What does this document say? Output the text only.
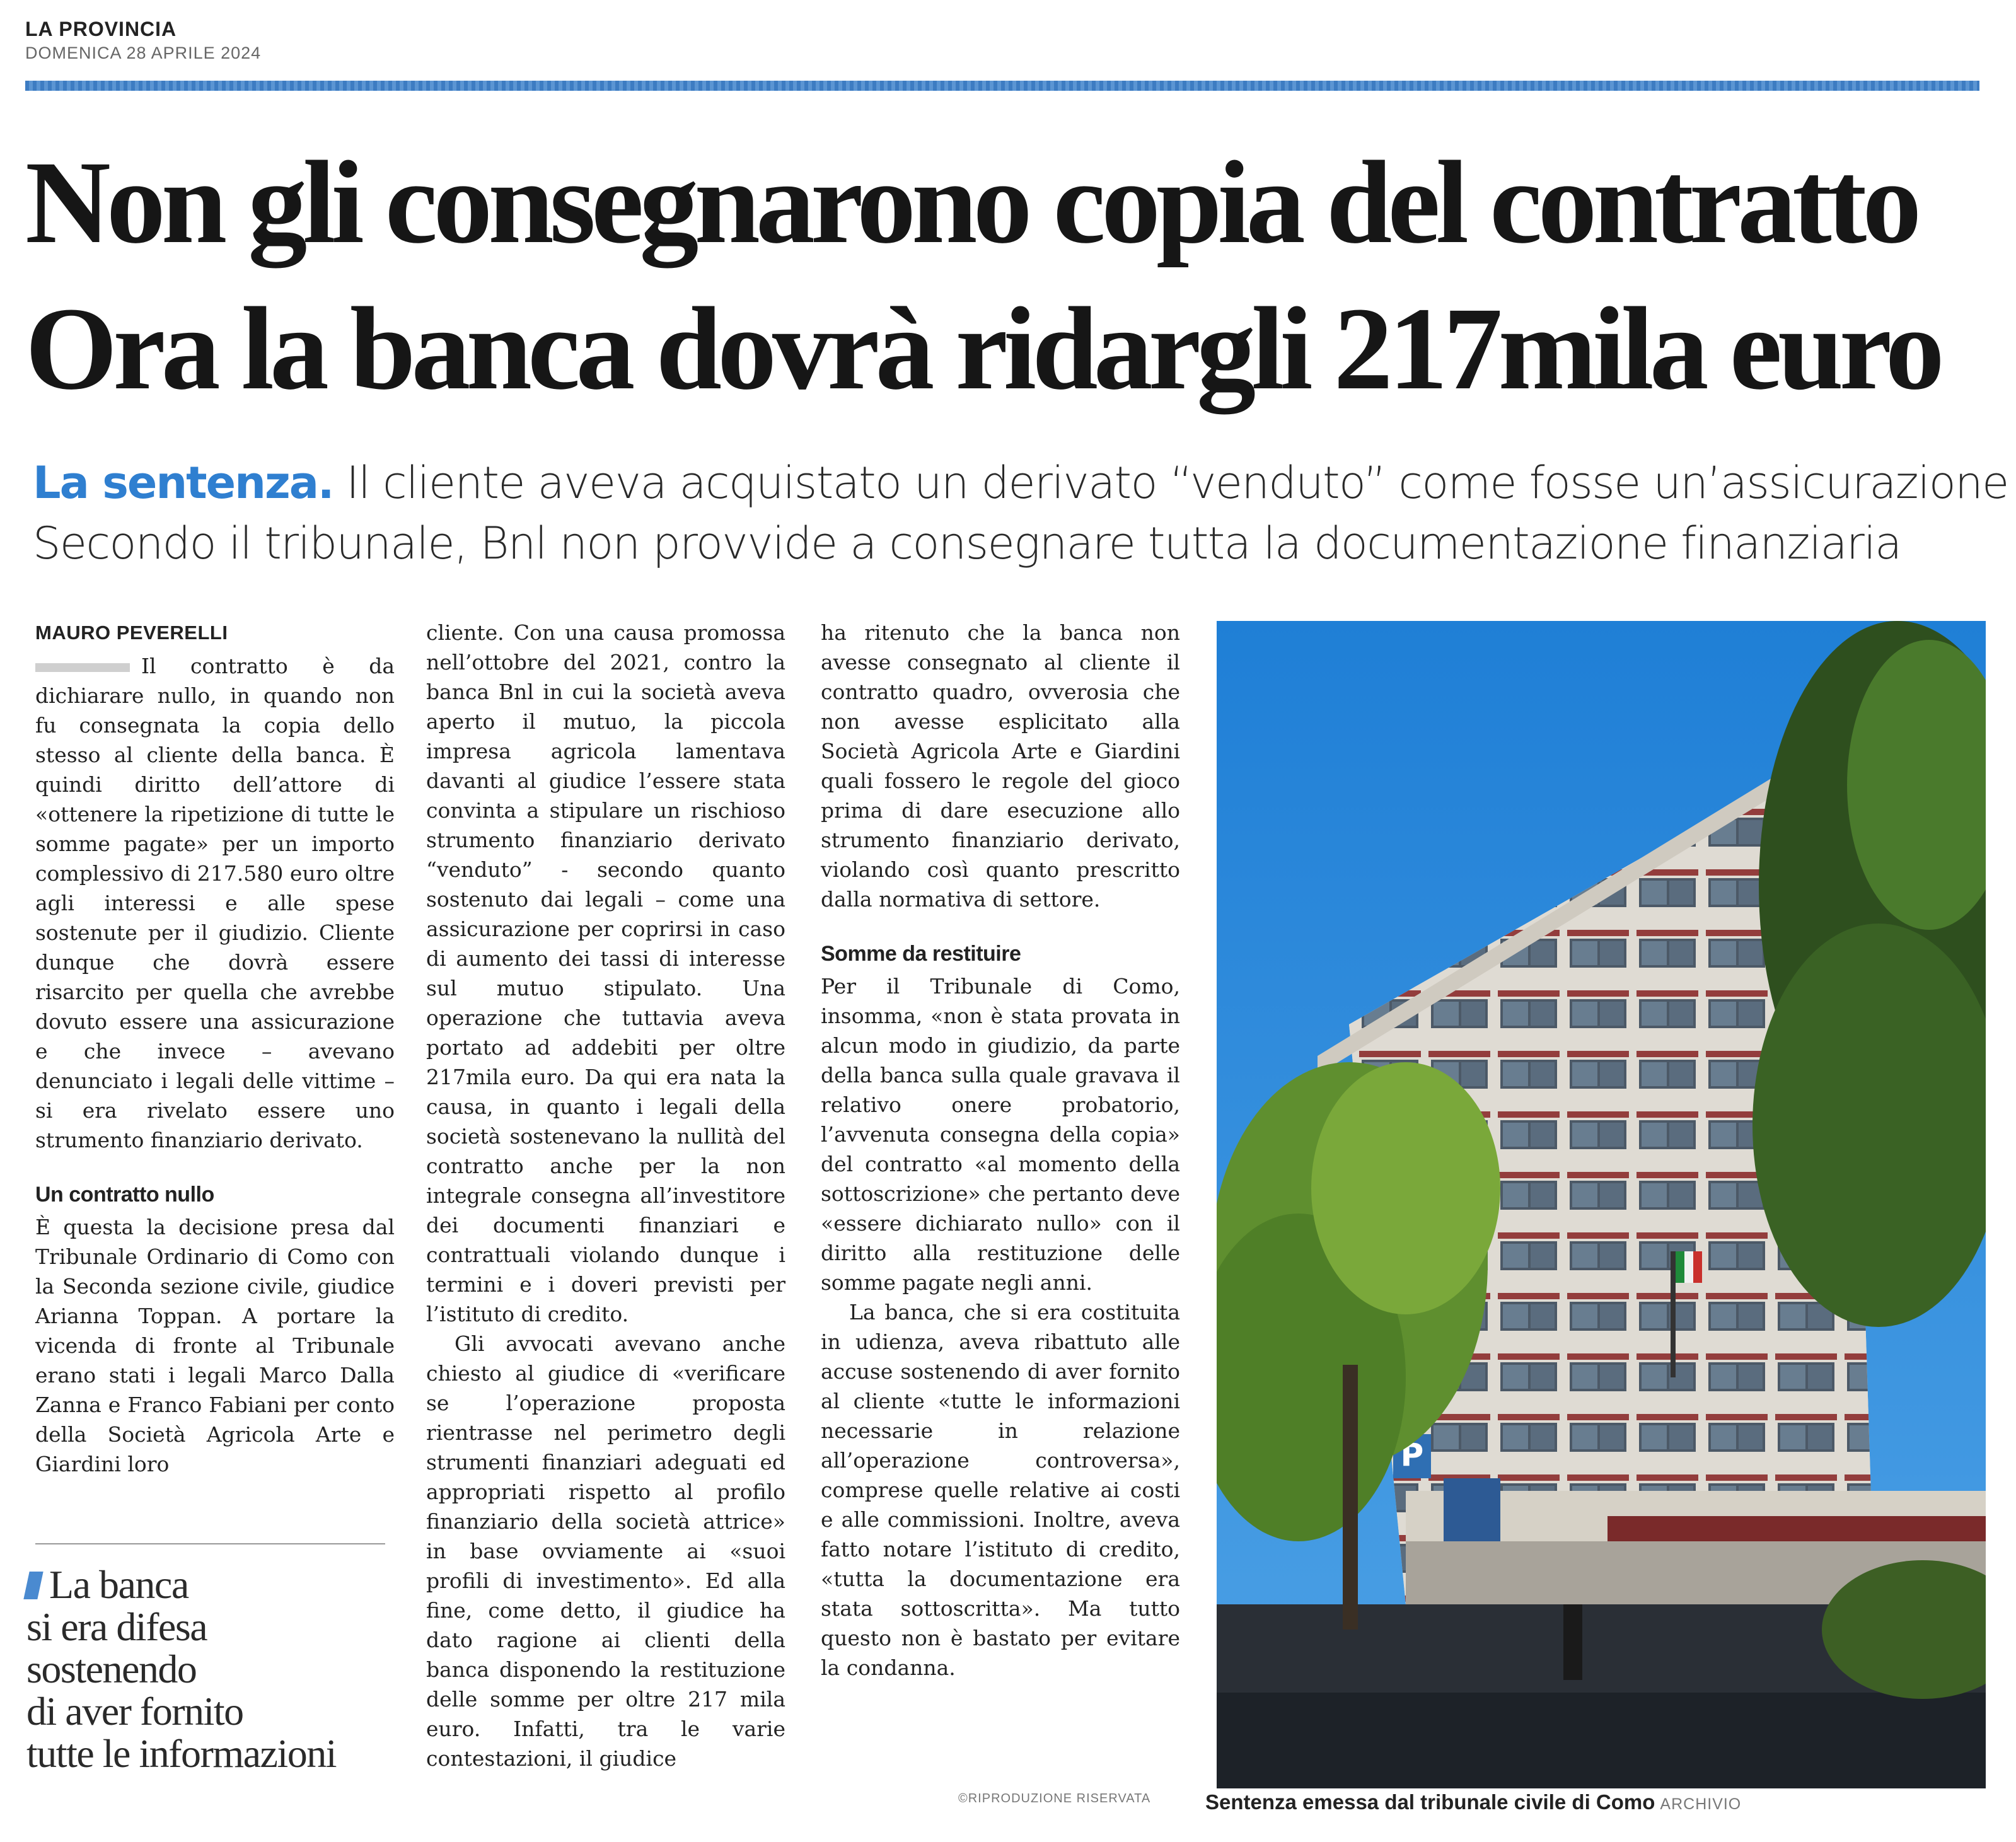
LA PROVINCIA
DOMENICA 28 APRILE 2024
Non gli consegnarono copia del contratto
Ora la banca dovrà ridargli 217mila euro
La sentenza. Il cliente aveva acquistato un derivato “venduto” come fosse un’assicurazione
Secondo il tribunale, Bnl non provvide a consegnare tutta la documentazione finanziaria
MAURO PEVERELLI

Il contratto è da dichiarare nullo, in quando non fu consegnata la copia dello stesso al cliente della banca. È quindi diritto dell’attore di «ottenere la ripetizione di tutte le somme pagate» per un importo complessivo di 217.580 euro oltre agli interessi e alle spese sostenute per il giudizio. Cliente dunque che dovrà essere risarcito per quella che avrebbe dovuto essere una assicurazione e che invece – avevano denunciato i legali delle vittime – si era rivelato essere uno strumento finanziario derivato.

Un contratto nullo

È questa la decisione presa dal Tribunale Ordinario di Como con la Seconda sezione civile, giudice Arianna Toppan. A portare la vicenda di fronte al Tribunale erano stati i legali Marco Dalla Zanna e Franco Fabiani per conto della Società Agricola Arte e Giardini loro

La banca
si era difesa
sostenendo
di aver fornito
tutte le informazioni

cliente. Con una causa promossa nell’ottobre del 2021, contro la banca Bnl in cui la società aveva aperto il mutuo, la piccola impresa agricola lamentava davanti al giudice l’essere stata convinta a stipulare un rischioso strumento finanziario derivato “venduto” - secondo quanto sostenuto dai legali – come una assicurazione per coprirsi in caso di aumento dei tassi di interesse sul mutuo stipulato. Una operazione che tuttavia aveva portato ad addebiti per oltre 217mila euro. Da qui era nata la causa, in quanto i legali della società sostenevano la nullità del contratto anche per la non integrale consegna all’investitore dei documenti finanziari e contrattuali violando dunque i termini e i doveri previsti per l’istituto di credito.

Gli avvocati avevano anche chiesto al giudice di «verificare se l’operazione proposta rientrasse nel perimetro degli strumenti finanziari adeguati ed appropriati rispetto al profilo finanziario della società attrice» in base ovviamente ai «suoi profili di investimento». Ed alla fine, come detto, il giudice ha dato ragione ai clienti della banca disponendo la restituzione delle somme per oltre 217 mila euro. Infatti, tra le varie contestazioni, il giudice

ha ritenuto che la banca non avesse consegnato al cliente il contratto quadro, ovverosia che non avesse esplicitato alla Società Agricola Arte e Giardini quali fossero le regole del gioco prima di dare esecuzione allo strumento finanziario derivato, violando così quanto prescritto dalla normativa di settore.

Somme da restituire

Per il Tribunale di Como, insomma, «non è stata provata in alcun modo in giudizio, da parte della banca sulla quale gravava il relativo onere probatorio, l’avvenuta consegna della copia» del contratto «al momento della sottoscrizione» che pertanto deve «essere dichiarato nullo» con il diritto alla restituzione delle somme pagate negli anni.

La banca, che si era costituita in udienza, aveva ribattuto alle accuse sostenendo di aver fornito al cliente «tutte le informazioni necessarie in relazione all’operazione controversa», comprese quelle relative ai costi e alle commissioni. Inoltre, aveva fatto notare l’istituto di credito, «tutta la documentazione era stata sottoscritta». Ma tutto questo non è bastato per evitare la condanna.

©RIPRODUZIONE RISERVATA
P
Sentenza emessa dal tribunale civile di Como ARCHIVIO
